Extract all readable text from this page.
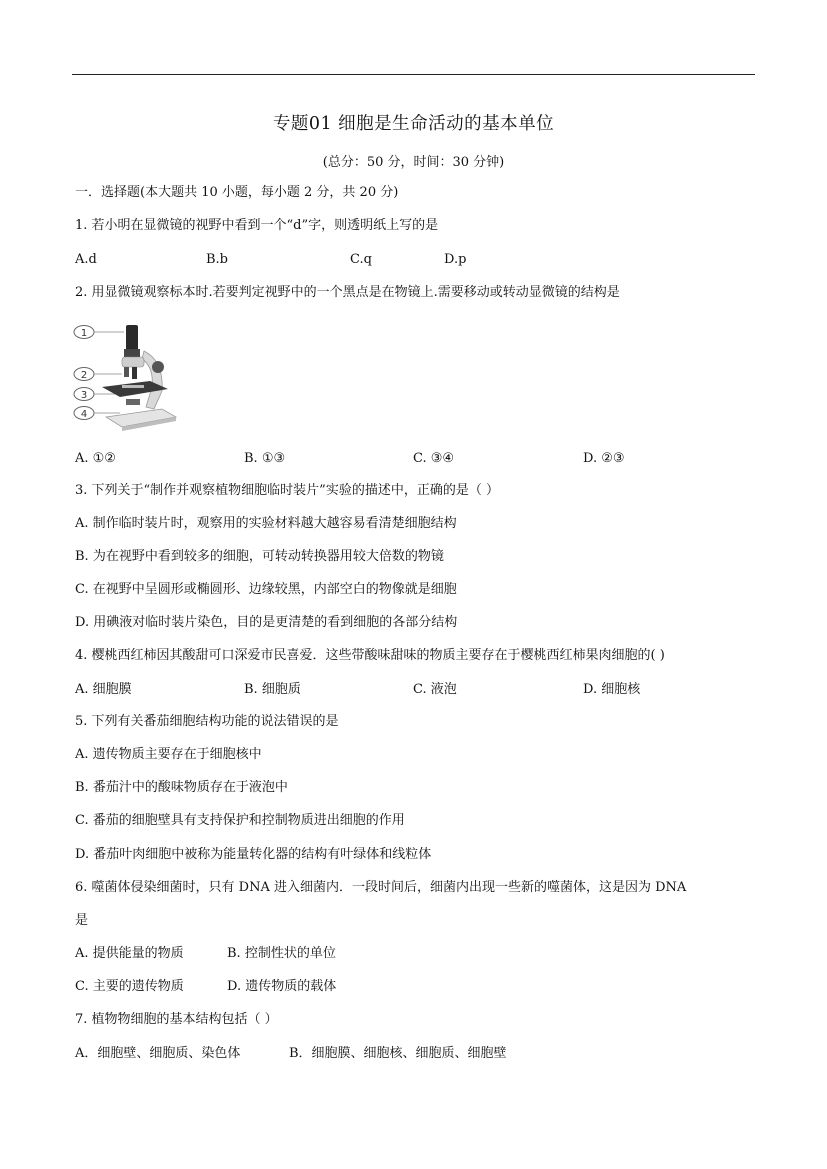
专题01 细胞是生命活动的基本单位
(总分：50 分，时间：30 分钟)
一．选择题(本大题共 10 小题，每小题 2 分，共 20 分)
1. 若小明在显微镜的视野中看到一个“d”字，则透明纸上写的是
A.d	B.b	C.q	D.p
2. 用显微镜观察标本时.若要判定视野中的一个黑点是在物镜上.需要移动或转动显微镜的结构是
1
2
3
4
A. ①②	B. ①③	C. ③④	D. ②③
3. 下列关于“制作并观察植物细胞临时装片”实验的描述中，正确的是（ ）
A. 制作临时装片时，观察用的实验材料越大越容易看清楚细胞结构
B. 为在视野中看到较多的细胞，可转动转换器用较大倍数的物镜
C. 在视野中呈圆形或椭圆形、边缘较黑，内部空白的物像就是细胞
D. 用碘液对临时装片染色，目的是更清楚的看到细胞的各部分结构
4. 樱桃西红柿因其酸甜可口深爱市民喜爱．这些带酸味甜味的物质主要存在于樱桃西红柿果肉细胞的( )
A. 细胞膜	B. 细胞质	C. 液泡	D. 细胞核
5. 下列有关番茄细胞结构功能的说法错误的是
A. 遗传物质主要存在于细胞核中
B. 番茄汁中的酸味物质存在于液泡中
C. 番茄的细胞壁具有支持保护和控制物质进出细胞的作用
D. 番茄叶肉细胞中被称为能量转化器的结构有叶绿体和线粒体
6. 噬菌体侵染细菌时，只有 DNA 进入细菌内．一段时间后，细菌内出现一些新的噬菌体，这是因为 DNA
是
A. 提供能量的物质	B. 控制性状的单位
C. 主要的遗传物质	D. 遗传物质的载体
7. 植物物细胞的基本结构包括（ ）
A．细胞壁、细胞质、染色体	B．细胞膜、细胞核、细胞质、细胞壁
